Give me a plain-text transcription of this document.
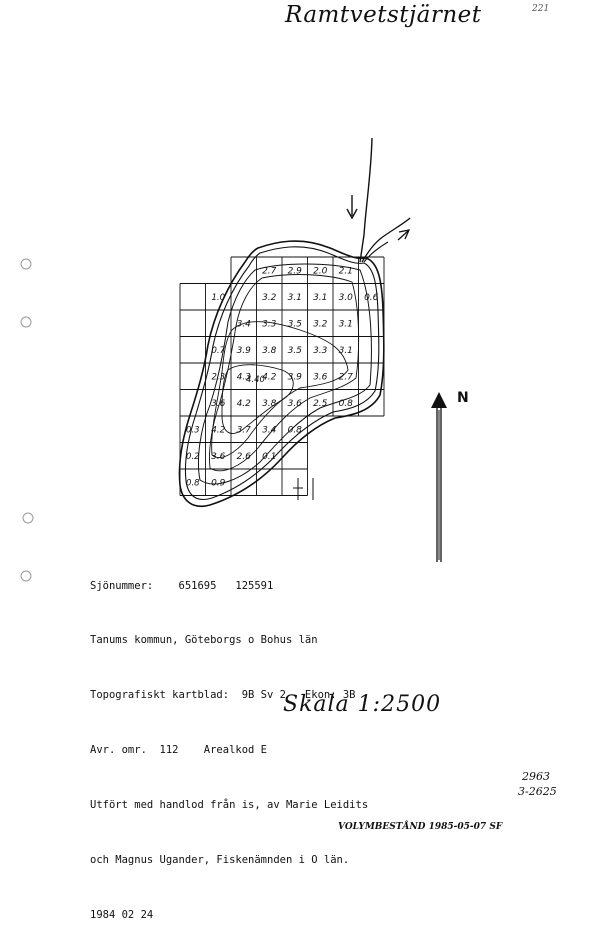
Ramtvetstjärnet	221
2.7 2.9 2.0 2.1
3.2 3.1 3.1 3.0 0.6
3.4 3.3 3.5 3.2 3.1
3.9 3.8 3.5 3.3 3.1
4.3 4.2 3.9 3.6 2.7
3.6 4.2 3.8 3.6 2.5 0.8
4.2 3.7 3.4 0.8
3.6 2.6 0.1
0.9
1.0
0.7
2.3
0.3
0.2
0.8
4.40
N

Sjönummer:    651695   125591

Tanums kommun, Göteborgs o Bohus län

Topografiskt kartblad:  9B Sv 2   Ekon: 3B

Avr. omr.  112    Arealkod E

Utfört med handlod från is, av Marie Leidits

och Magnus Ugander, Fiskenämnden i O län.

1984 02 24

Skala 1:2500
2963
3-2625
VOLYMBESTÅND 1985-05-07 SF
